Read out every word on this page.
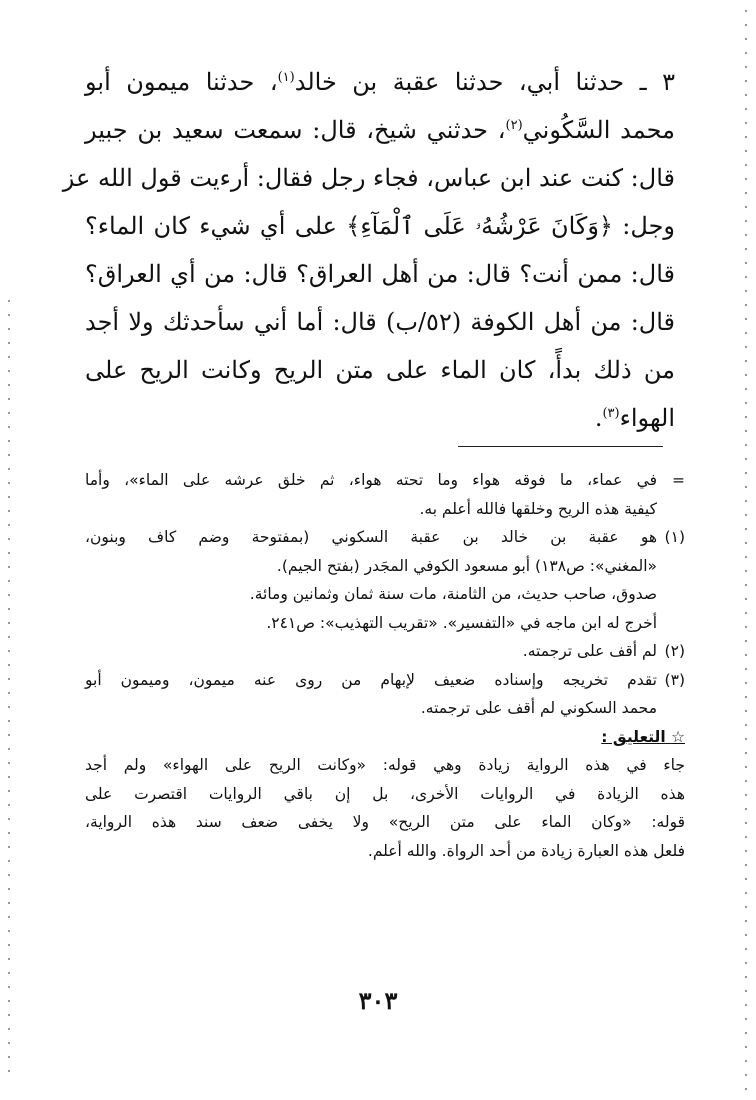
٣ ـ حدثنا أبي، حدثنا عقبة بن خالد$^{(١)}$، حدثنا ميمون أبو
محمد السَّكُوني$^{(٢)}$، حدثني شيخ، قال: سمعت سعيد بن جبير
قال: كنت عند ابن عباس، فجاء رجل فقال: أرءيت قول الله عز
وجل: ﴿وَكَانَ عَرْشُهُۥ عَلَى ٱلْمَآءِ﴾ على أي شيء كان الماء؟
قال: ممن أنت؟ قال: من أهل العراق؟ قال: من أي العراق؟
قال: من أهل الكوفة (٥٢/ب) قال: أما أني سأحدثك ولا أجد
من ذلك بدأً، كان الماء على متن الريح وكانت الريح على
الهواء$^{(٣)}$.
=
في عماء، ما فوقه هواء وما تحته هواء، ثم خلق عرشه على الماء»، وأما
كيفية هذه الريح وخلقها فالله أعلم به.
(١)
هو عقبة بن خالد بن عقبة السكوني (بمفتوحة وضم كاف وبنون،
«المغني»: ص١٣٨) أبو مسعود الكوفي المجَدر (بفتح الجيم).
صدوق، صاحب حديث، من الثامنة، مات سنة ثمان وثمانين ومائة.
أخرج له ابن ماجه في «التفسير». «تقريب التهذيب»: ص٢٤١.
(٢)
لم أقف على ترجمته.
(٣)
تقدم تخريجه وإسناده ضعيف لإبهام من روى عنه ميمون، وميمون أبو
محمد السكوني لم أقف على ترجمته.
☆ التعليق :
جاء في هذه الرواية زيادة وهي قوله: «وكانت الريح على الهواء» ولم أجد
هذه الزيادة في الروايات الأخرى، بل إن باقي الروايات اقتصرت على
قوله: «وكان الماء على متن الريح» ولا يخفى ضعف سند هذه الرواية،
فلعل هذه العبارة زيادة من أحد الرواة. والله أعلم.
٣٠٣
